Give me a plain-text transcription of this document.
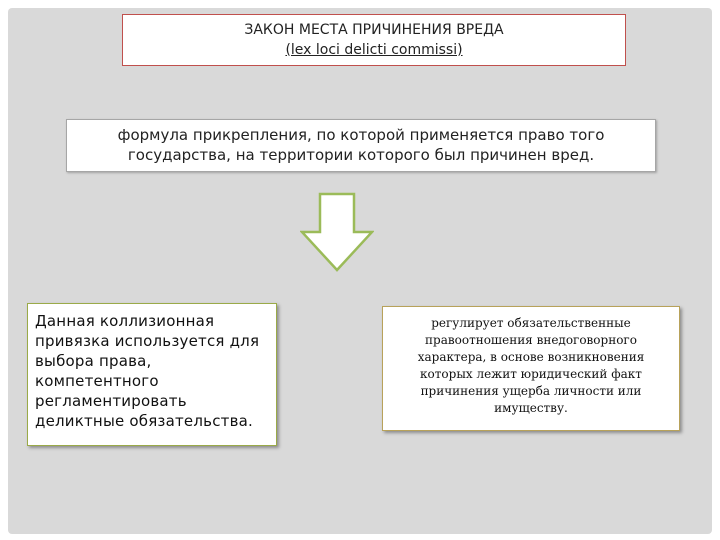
ЗАКОН МЕСТА ПРИЧИНЕНИЯ ВРЕДА
(lex loci delicti commissi)
формула прикрепления, по которой применяется право того государства, на территории которого был причинен вред.
Данная коллизионная привязка используется для выбора права, компетентного регламентировать деликтные обязательства.
регулирует обязательственные правоотношения внедоговорного характера, в основе возникновения которых лежит юридический факт причинения ущерба личности или имуществу.
